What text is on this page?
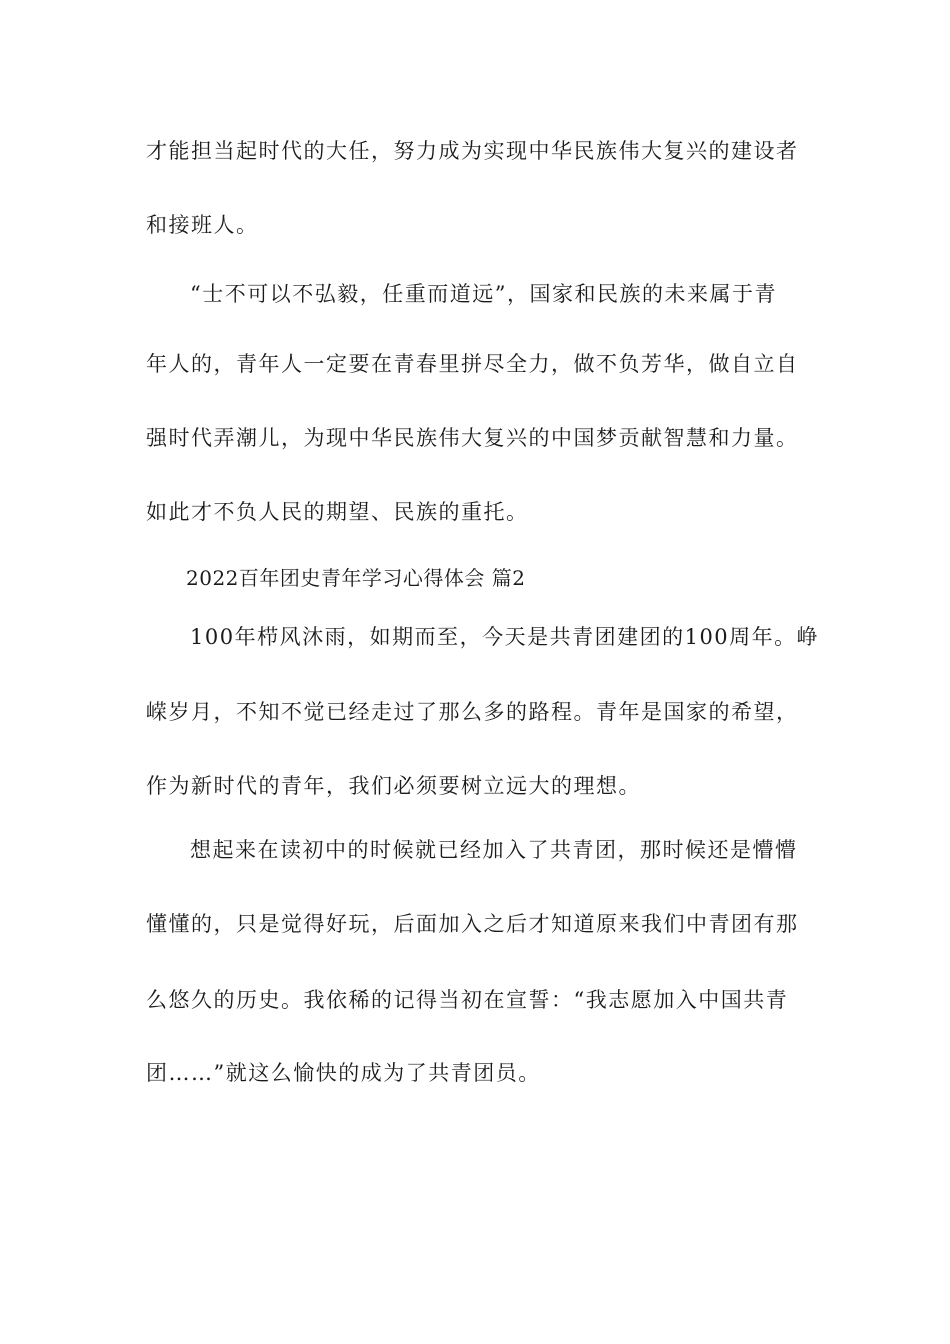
才能担当起时代的大任，努力成为实现中华民族伟大复兴的建设者
和接班人。
“士不可以不弘毅，任重而道远”，国家和民族的未来属于青
年人的，青年人一定要在青春里拼尽全力，做不负芳华，做自立自
强时代弄潮儿，为现中华民族伟大复兴的中国梦贡献智慧和力量。
如此才不负人民的期望、民族的重托。
2022百年团史青年学习心得体会 篇2
100年栉风沐雨，如期而至，今天是共青团建团的100周年。峥
嵘岁月，不知不觉已经走过了那么多的路程。青年是国家的希望，
作为新时代的青年，我们必须要树立远大的理想。
想起来在读初中的时候就已经加入了共青团，那时候还是懵懵
懂懂的，只是觉得好玩，后面加入之后才知道原来我们中青团有那
么悠久的历史。我依稀的记得当初在宣誓：“我志愿加入中国共青
团……”就这么愉快的成为了共青团员。
